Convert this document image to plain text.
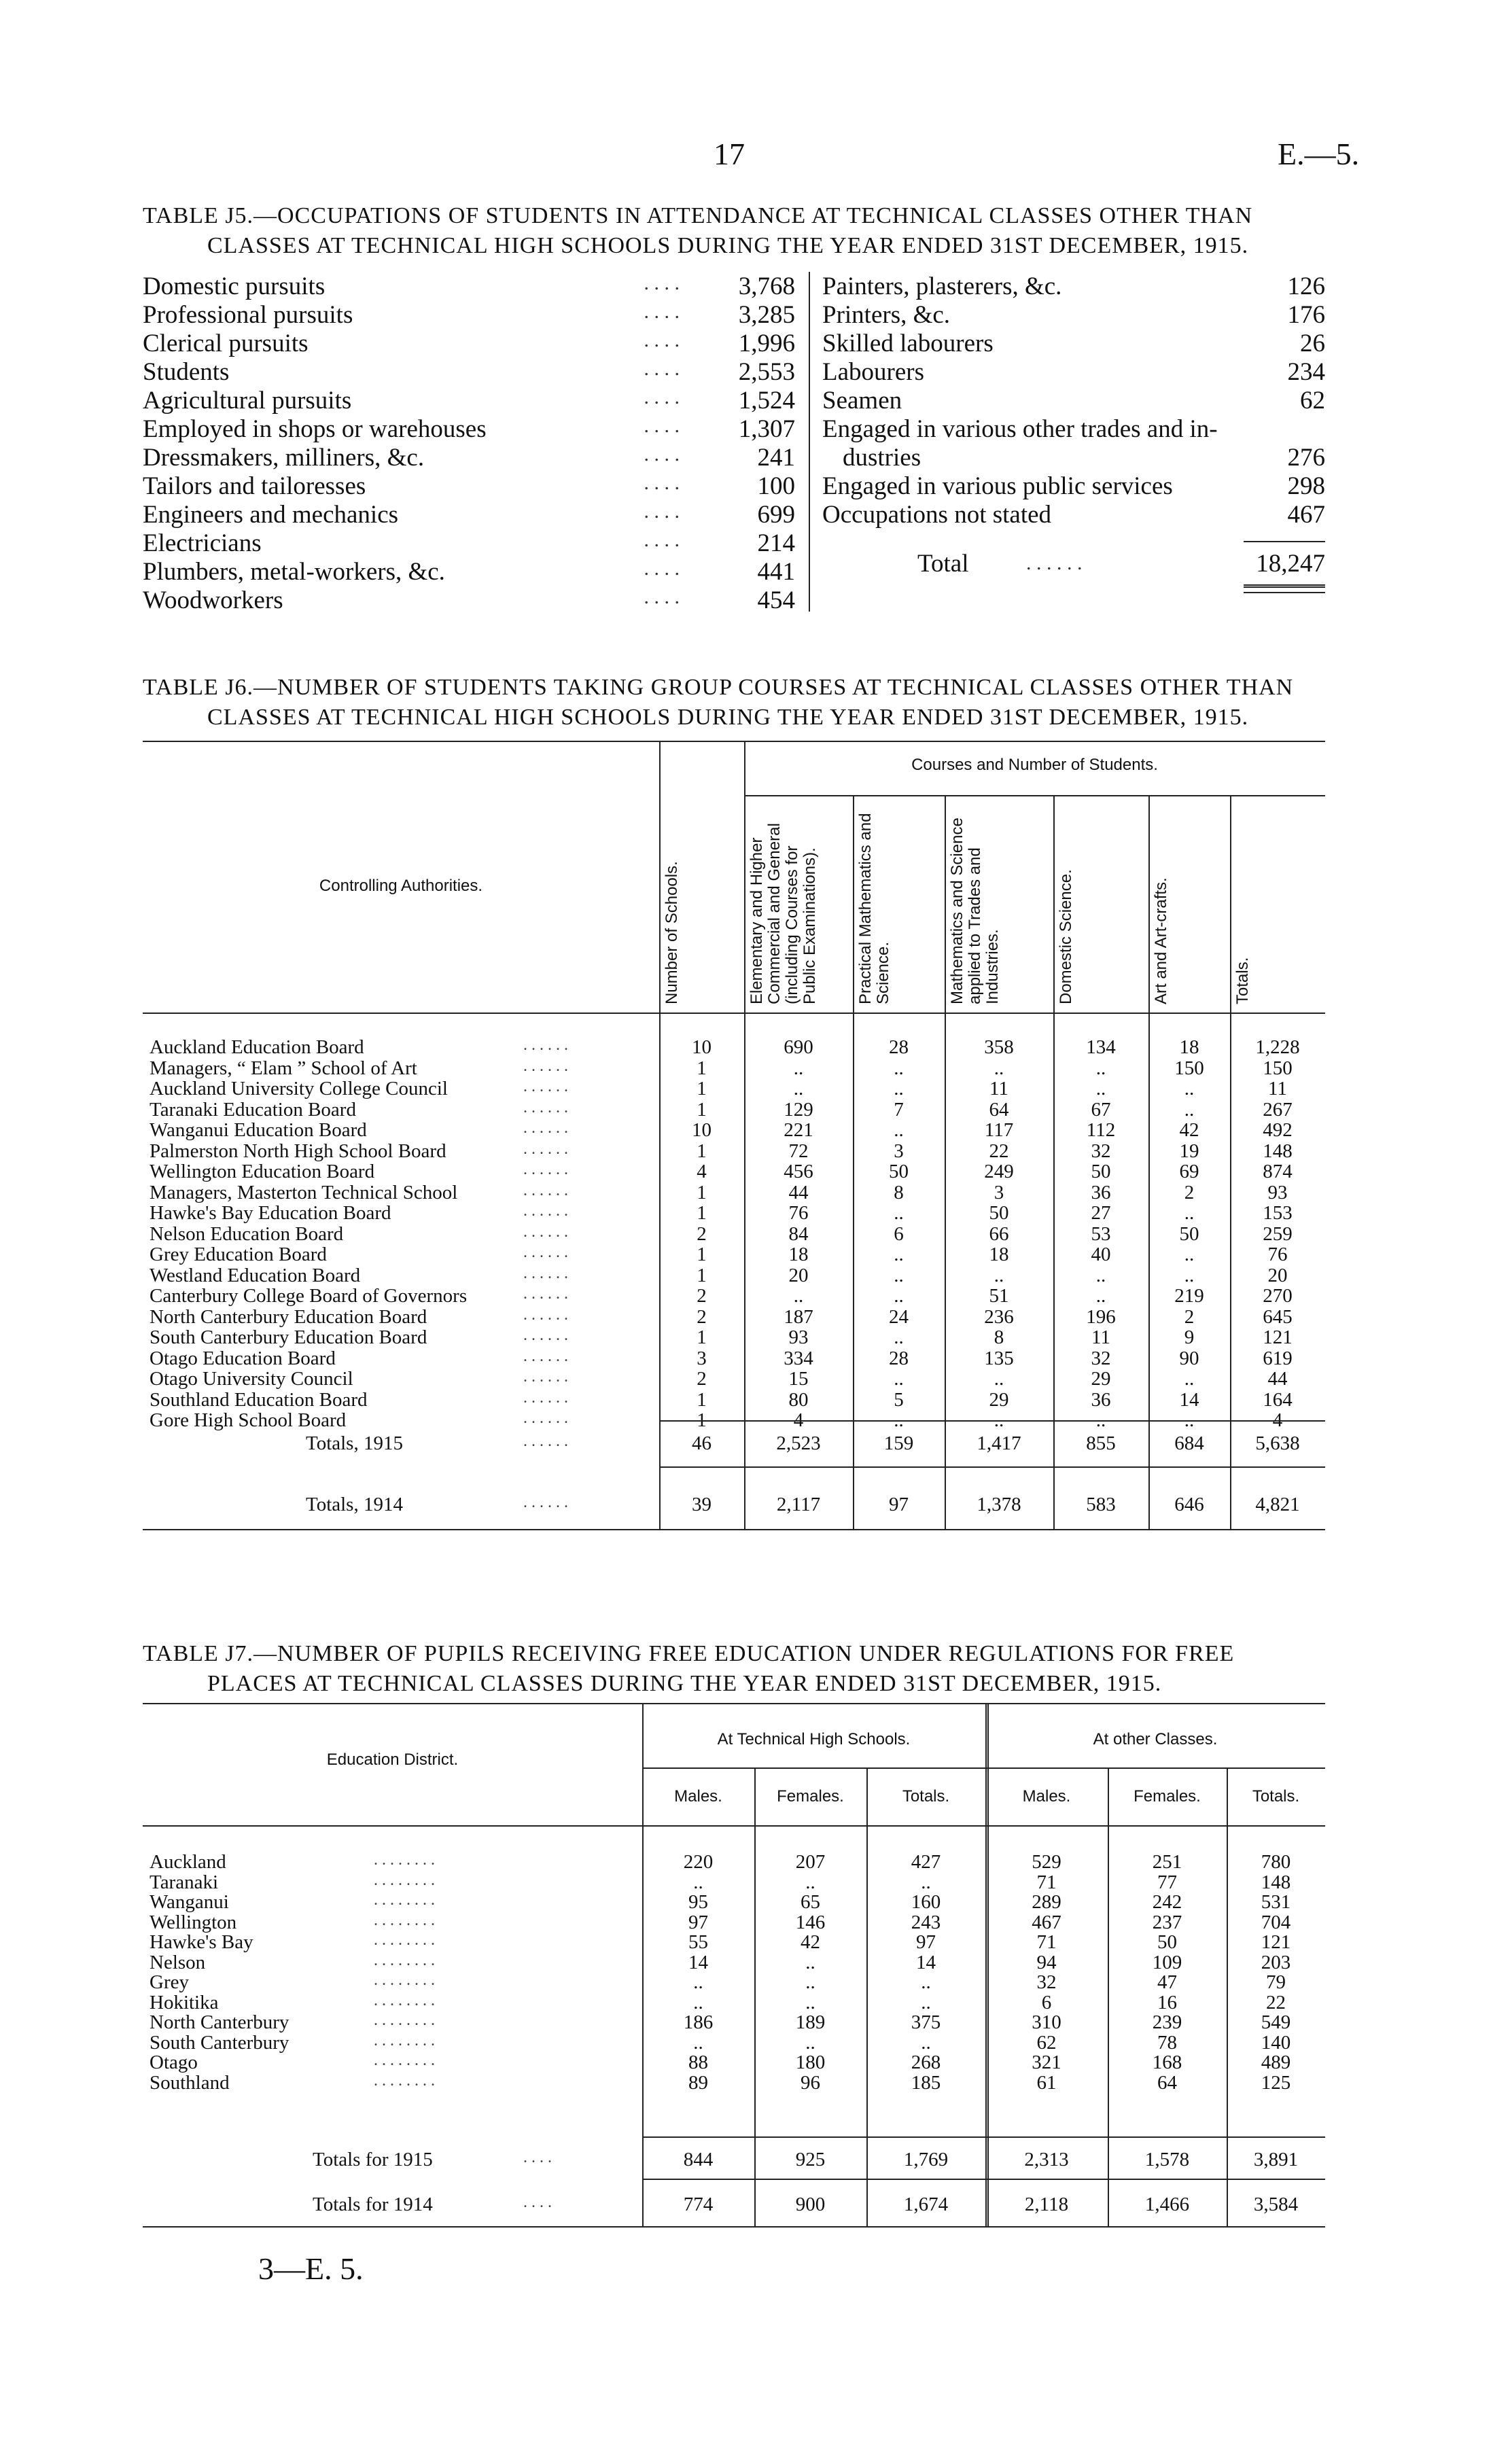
17	E.—5.
TABLE J5.—OCCUPATIONS OF STUDENTS IN ATTENDANCE AT TECHNICAL CLASSES OTHER THAN
CLASSES AT TECHNICAL HIGH SCHOOLS DURING THE YEAR ENDED 31ST DECEMBER, 1915.
Domestic pursuits	. . . .	3,768
Professional pursuits	. . . .	3,285
Clerical pursuits	. . . .	1,996
Students	. . . .	2,553
Agricultural pursuits	. . . .	1,524
Employed in shops or warehouses	. . . .	1,307
Dressmakers, milliners, &c.	. . . .	241
Tailors and tailoresses	. . . .	100
Engineers and mechanics	. . . .	699
Electricians	. . . .	214
Plumbers, metal-workers, &c.	. . . .	441
Woodworkers	. . . .	454
Painters, plasterers, &c.	126
Printers, &c.	176
Skilled labourers	26
Labourers	234
Seamen	62
Engaged in various other trades and in-
dustries	276
Engaged in various public services	298
Occupations not stated	467
Total	. . . . . .	18,247
TABLE J6.—NUMBER OF STUDENTS TAKING GROUP COURSES AT TECHNICAL CLASSES OTHER THAN
CLASSES AT TECHNICAL HIGH SCHOOLS DURING THE YEAR ENDED 31ST DECEMBER, 1915.
Courses and Number of Students.
Controlling Authorities.	Number of Schools.	Elementary and Higher Commercial and General (including Courses for Public Examinations).	Practical Mathematics and Science.	Mathematics and Science applied to Trades and Industries.	Domestic Science.	Art and Art-crafts.	Totals.
Auckland Education Board	. . . . . .	10	690	28	358	134	18	1,228
Managers, “ Elam ” School of Art	. . . . . .	1	..	..	..	..	150	150
Auckland University College Council	. . . . . .	1	..	..	11	..	..	11
Taranaki Education Board	. . . . . .	1	129	7	64	67	..	267
Wanganui Education Board	. . . . . .	10	221	..	117	112	42	492
Palmerston North High School Board	. . . . . .	1	72	3	22	32	19	148
Wellington Education Board	. . . . . .	4	456	50	249	50	69	874
Managers, Masterton Technical School	. . . . . .	1	44	8	3	36	2	93
Hawke's Bay Education Board	. . . . . .	1	76	..	50	27	..	153
Nelson Education Board	. . . . . .	2	84	6	66	53	50	259
Grey Education Board	. . . . . .	1	18	..	18	40	..	76
Westland Education Board	. . . . . .	1	20	..	..	..	..	20
Canterbury College Board of Governors	. . . . . .	2	..	..	51	..	219	270
North Canterbury Education Board	. . . . . .	2	187	24	236	196	2	645
South Canterbury Education Board	. . . . . .	1	93	..	8	11	9	121
Otago Education Board	. . . . . .	3	334	28	135	32	90	619
Otago University Council	. . . . . .	2	15	..	..	29	..	44
Southland Education Board	. . . . . .	1	80	5	29	36	14	164
Gore High School Board	. . . . . .	1	4	..	..	..	..	4
Totals, 1915	. . . . . .	46	2,523	159	1,417	855	684	5,638
Totals, 1914	. . . . . .	39	2,117	97	1,378	583	646	4,821
TABLE J7.—NUMBER OF PUPILS RECEIVING FREE EDUCATION UNDER REGULATIONS FOR FREE
PLACES AT TECHNICAL CLASSES DURING THE YEAR ENDED 31ST DECEMBER, 1915.
Education District.
At Technical High Schools.	At other Classes.
Males.	Females.	Totals.	Males.	Females.	Totals.
Auckland	. . . . . . . .	220	207	427	529	251	780
Taranaki	. . . . . . . .	..	..	..	71	77	148
Wanganui	. . . . . . . .	95	65	160	289	242	531
Wellington	. . . . . . . .	97	146	243	467	237	704
Hawke's Bay	. . . . . . . .	55	42	97	71	50	121
Nelson	. . . . . . . .	14	..	14	94	109	203
Grey	. . . . . . . .	..	..	..	32	47	79
Hokitika	. . . . . . . .	..	..	..	6	16	22
North Canterbury	. . . . . . . .	186	189	375	310	239	549
South Canterbury	. . . . . . . .	..	..	..	62	78	140
Otago	. . . . . . . .	88	180	268	321	168	489
Southland	. . . . . . . .	89	96	185	61	64	125
Totals for 1915	. . . .	844	925	1,769	2,313	1,578	3,891
Totals for 1914	. . . .	774	900	1,674	2,118	1,466	3,584
3—E. 5.
